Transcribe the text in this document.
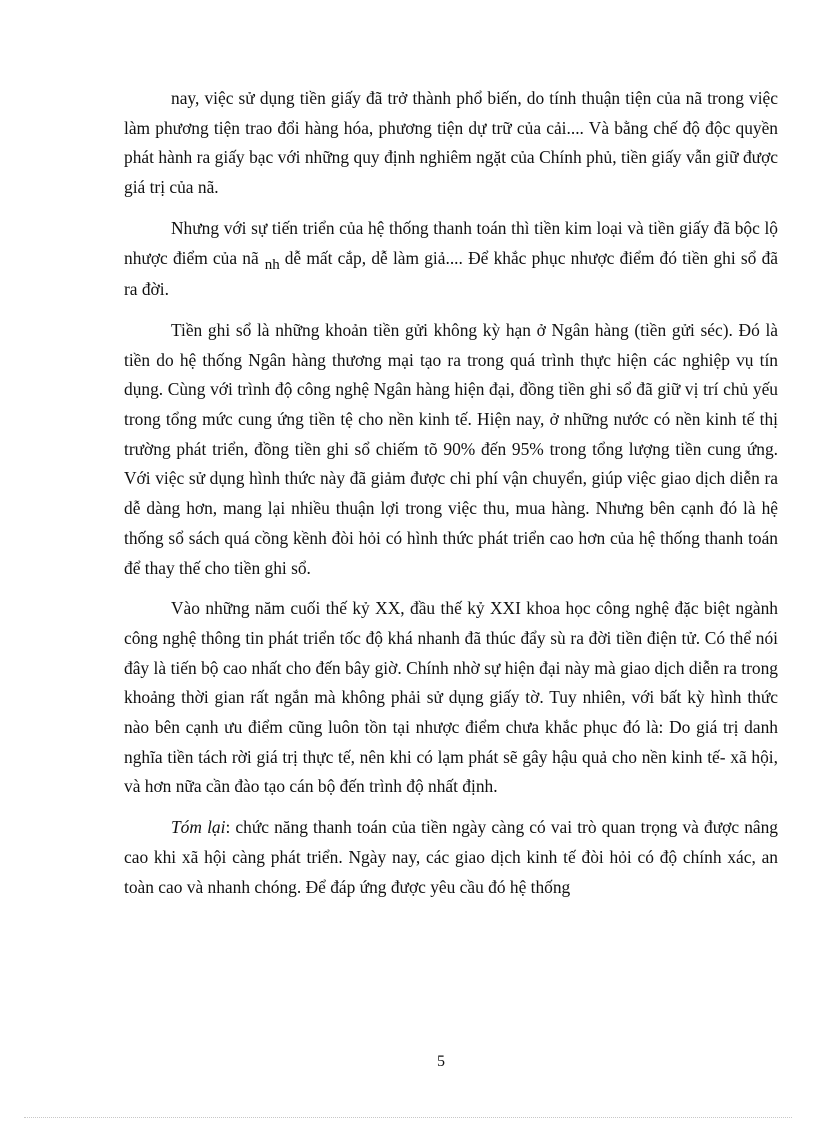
nay, việc sử dụng tiền giấy đã trở thành phổ biến, do tính thuận tiện của nã trong việc làm phương tiện trao đổi hàng hóa, phương tiện dự trữ của cải.... Và bằng chế độ độc quyền phát hành ra giấy bạc với những quy định nghiêm ngặt của Chính phủ, tiền giấy vẫn giữ được giá trị của nã.

Nhưng với sự tiến triển của hệ thống thanh toán thì tiền kim loại và tiền giấy đã bộc lộ nhược điểm của nã nh dễ mất cắp, dễ làm giả.... Để khắc phục nhược điểm đó tiền ghi sổ đã ra đời.

Tiền ghi sổ là những khoản tiền gửi không kỳ hạn ở Ngân hàng (tiền gửi séc). Đó là tiền do hệ thống Ngân hàng thương mại tạo ra trong quá trình thực hiện các nghiệp vụ tín dụng. Cùng với trình độ công nghệ Ngân hàng hiện đại, đồng tiền ghi sổ đã giữ vị trí chủ yếu trong tổng mức cung ứng tiền tệ cho nền kinh tế. Hiện nay, ở những nước có nền kinh tế thị trường phát triển, đồng tiền ghi sổ chiếm tõ 90% đến 95% trong tổng lượng tiền cung ứng. Với việc sử dụng hình thức này đã giảm được chi phí vận chuyển, giúp việc giao dịch diễn ra dễ dàng hơn, mang lại nhiều thuận lợi trong việc thu, mua hàng. Nhưng bên cạnh đó là hệ thống sổ sách quá cồng kềnh đòi hỏi có hình thức phát triển cao hơn của hệ thống thanh toán để thay thế cho tiền ghi sổ.

Vào những năm cuối thế kỷ XX, đầu thế kỷ XXI khoa học công nghệ đặc biệt ngành công nghệ thông tin phát triển tốc độ khá nhanh đã thúc đẩy sù ra đời tiền điện tử. Có thể nói đây là tiến bộ cao nhất cho đến bây giờ. Chính nhờ sự hiện đại này mà giao dịch diễn ra trong khoảng thời gian rất ngắn mà không phải sử dụng giấy tờ. Tuy nhiên, với bất kỳ hình thức nào bên cạnh ưu điểm cũng luôn tồn tại nhược điểm chưa khắc phục đó là: Do giá trị danh nghĩa tiền tách rời giá trị thực tế, nên khi có lạm phát sẽ gây hậu quả cho nền kinh tế- xã hội, và hơn nữa cần đào tạo cán bộ đến trình độ nhất định.

Tóm lại: chức năng thanh toán của tiền ngày càng có vai trò quan trọng và được nâng cao khi xã hội càng phát triển. Ngày nay, các giao dịch kinh tế đòi hỏi có độ chính xác, an toàn cao và nhanh chóng. Để đáp ứng được yêu cầu đó hệ thống

5
